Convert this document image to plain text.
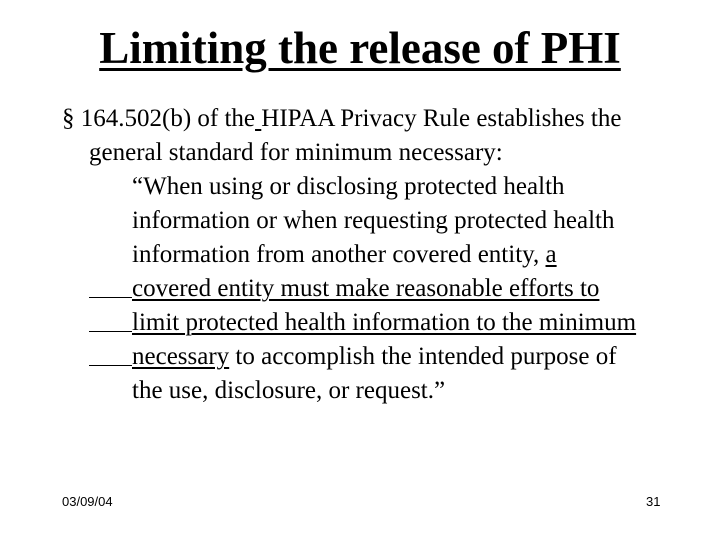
Limiting the release of PHI
§ 164.502(b) of the HIPAA Privacy Rule establishes the
general standard for minimum necessary:
“When using or disclosing protected health
information or when requesting protected health
information from another covered entity, a
covered entity must make reasonable efforts to
limit protected health information to the minimum
necessary to accomplish the intended purpose of
the use, disclosure, or request.”
03/09/04	31
